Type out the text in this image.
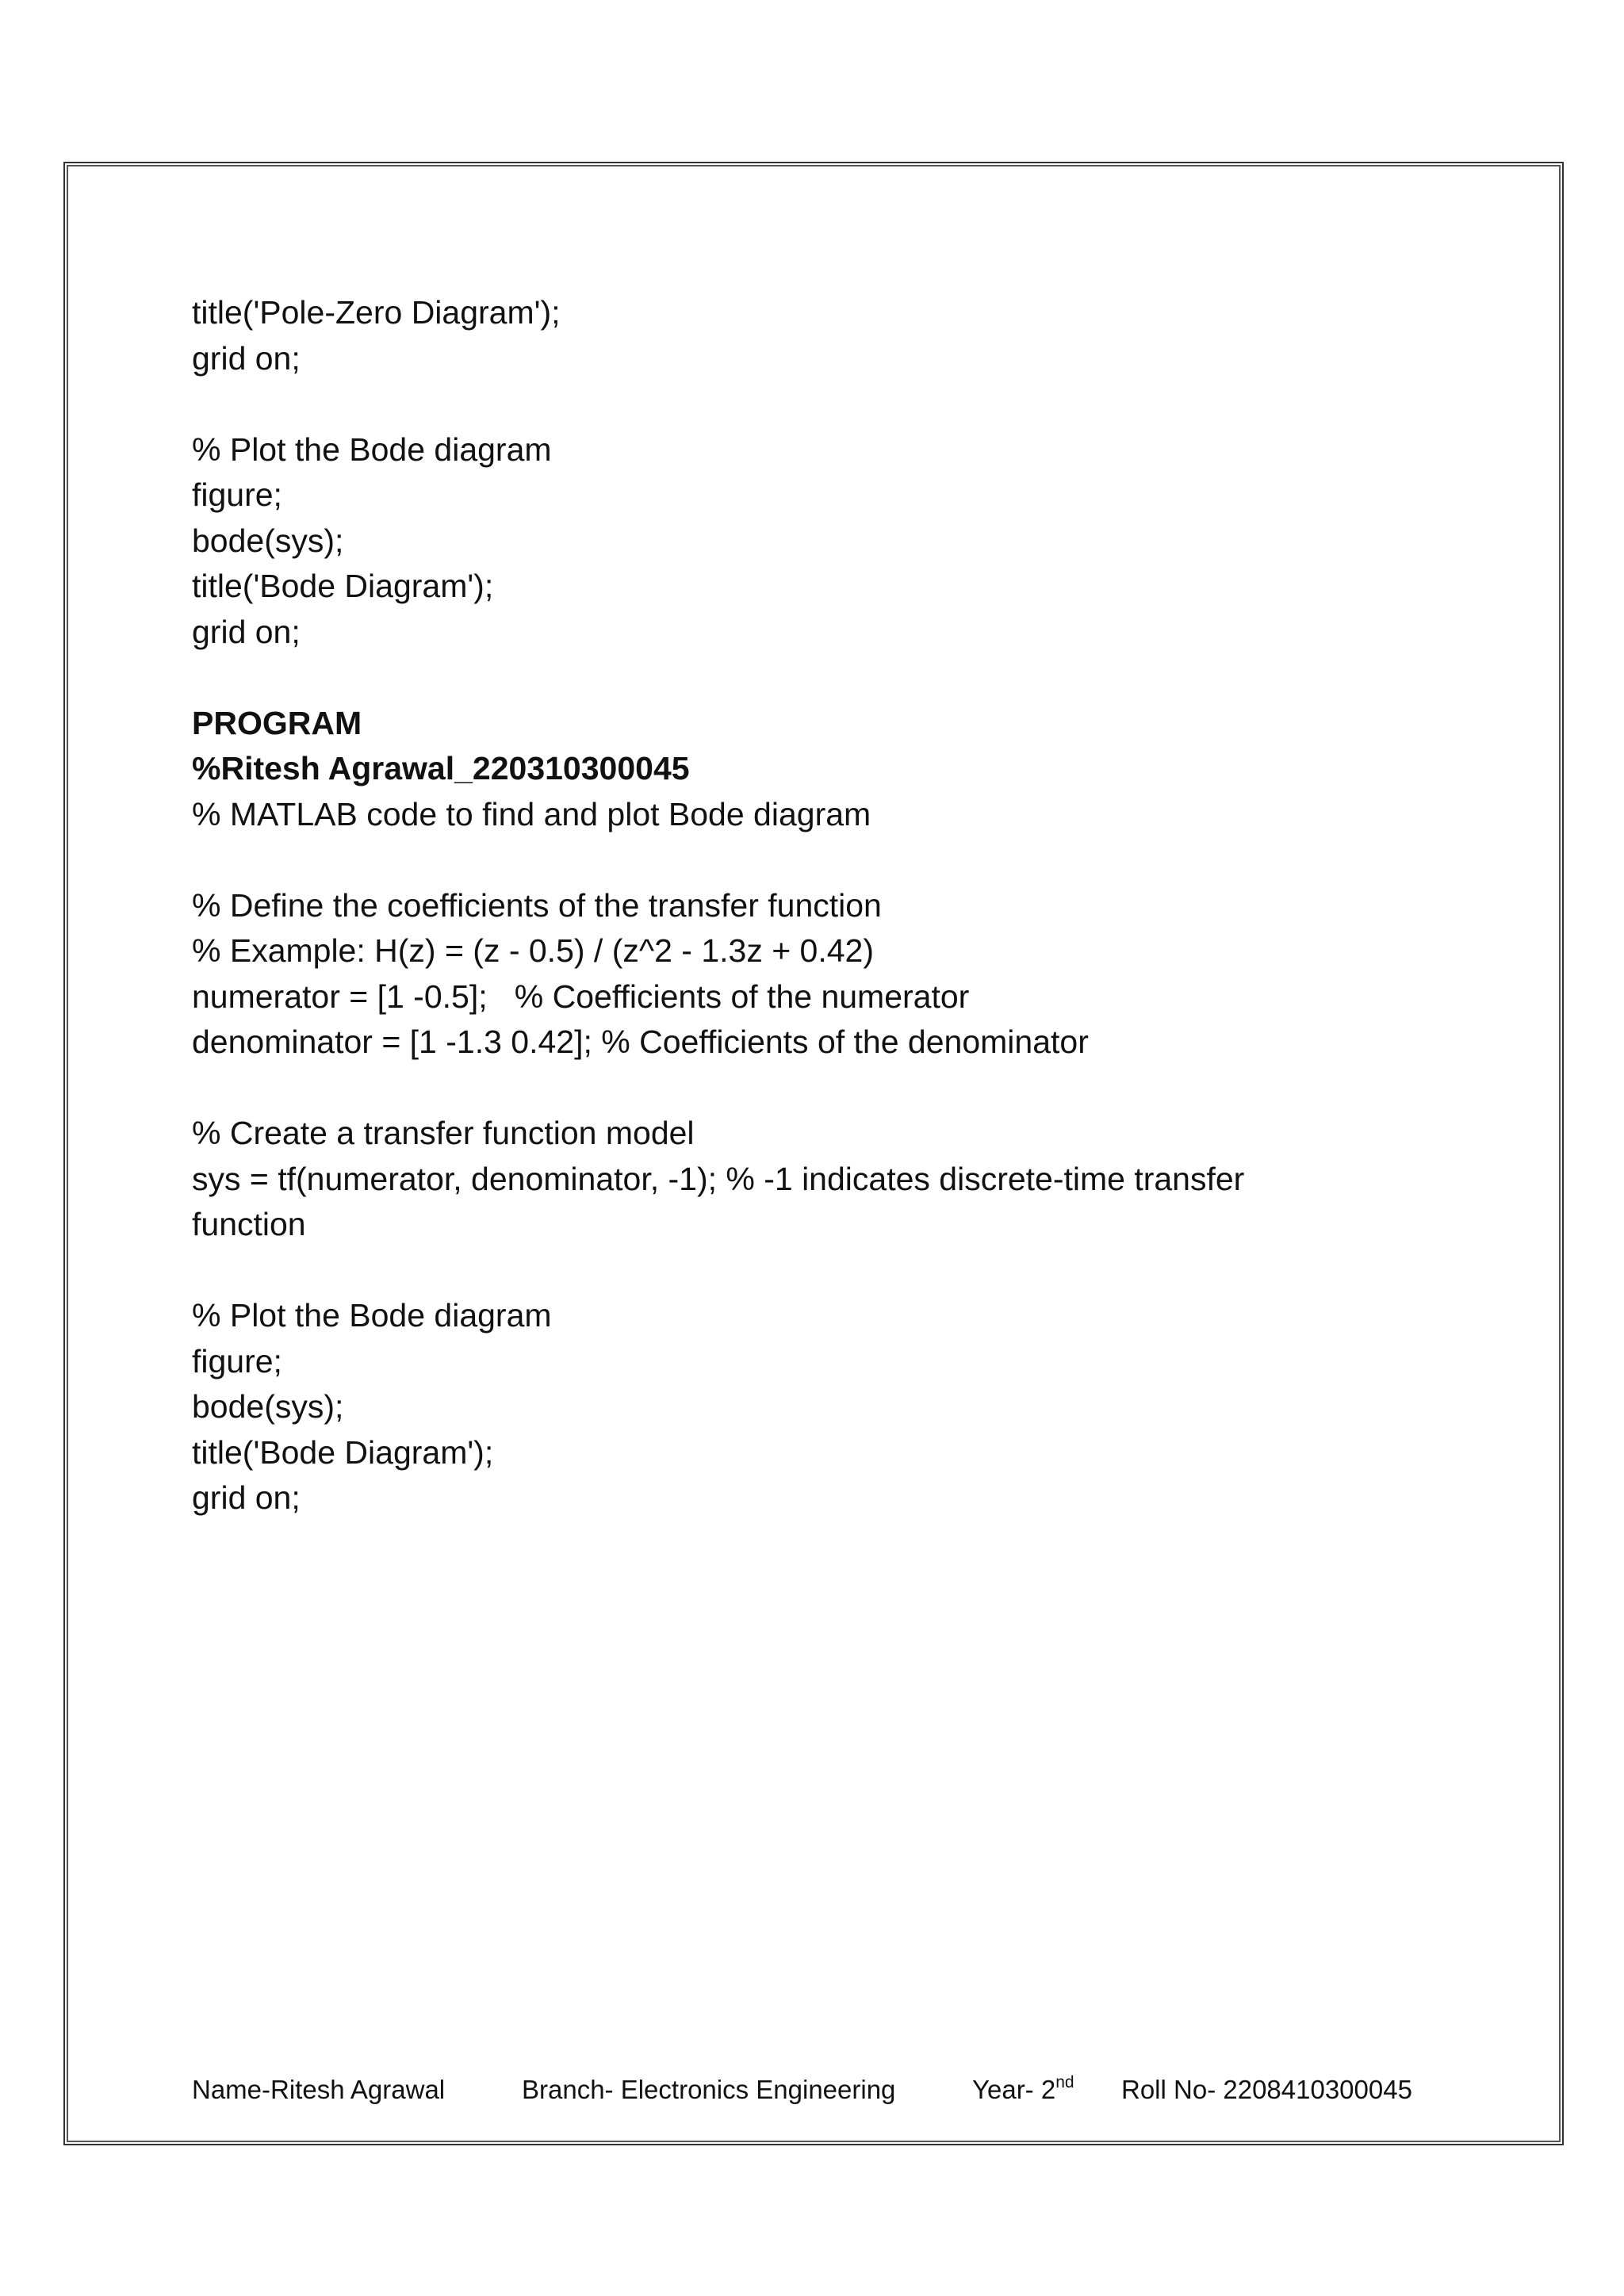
title('Pole-Zero Diagram');

grid on;

% Plot the Bode diagram

figure;

bode(sys);

title('Bode Diagram');

grid on;

PROGRAM

%Ritesh Agrawal_220310300045

% MATLAB code to find and plot Bode diagram

% Define the coefficients of the transfer function

% Example: H(z) = (z - 0.5) / (z^2 - 1.3z + 0.42)

numerator = [1 -0.5];   % Coefficients of the numerator

denominator = [1 -1.3 0.42]; % Coefficients of the denominator

% Create a transfer function model

sys = tf(numerator, denominator, -1); % -1 indicates discrete-time transfer

function

% Plot the Bode diagram

figure;

bode(sys);

title('Bode Diagram');

grid on;

Name-Ritesh Agrawal	Branch- Electronics Engineering	Year- 2nd Roll No- 2208410300045
